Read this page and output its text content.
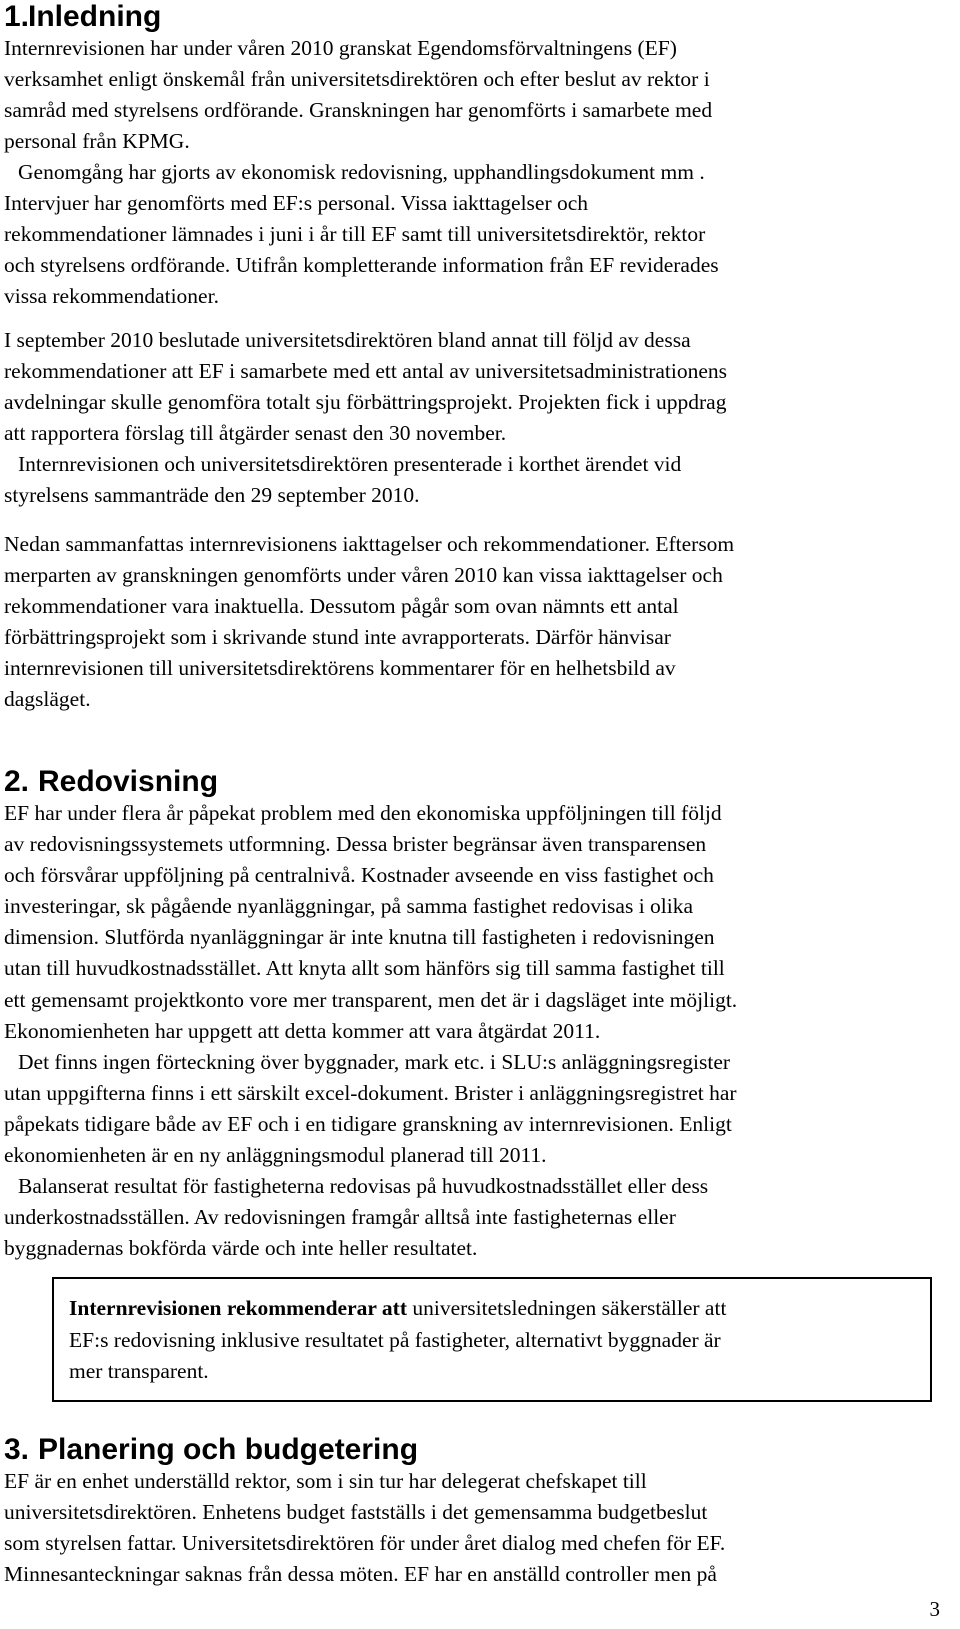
1.Inledning

Internrevisionen har under våren 2010 granskat Egendomsförvaltningens (EF)
verksamhet enligt önskemål från universitetsdirektören och efter beslut av rektor i
samråd med styrelsens ordförande. Granskningen har genomförts i samarbete med
personal från KPMG.

Genomgång har gjorts av ekonomisk redovisning, upphandlingsdokument mm .
Intervjuer har genomförts med EF:s personal. Vissa iakttagelser och
rekommendationer lämnades i juni i år till EF samt till universitetsdirektör, rektor
och styrelsens ordförande. Utifrån kompletterande information från EF reviderades
vissa rekommendationer.

I september 2010 beslutade universitetsdirektören bland annat till följd av dessa
rekommendationer att EF i samarbete med ett antal av universitetsadministrationens
avdelningar skulle genomföra totalt sju förbättringsprojekt. Projekten fick i uppdrag
att rapportera förslag till åtgärder senast den 30 november.

Internrevisionen och universitetsdirektören presenterade i korthet ärendet vid
styrelsens sammanträde den 29 september 2010.

Nedan sammanfattas internrevisionens iakttagelser och rekommendationer. Eftersom
merparten av granskningen genomförts under våren 2010 kan vissa iakttagelser och
rekommendationer vara inaktuella. Dessutom pågår som ovan nämnts ett antal
förbättringsprojekt som i skrivande stund inte avrapporterats. Därför hänvisar
internrevisionen till universitetsdirektörens kommentarer för en helhetsbild av
dagsläget.

2. Redovisning

EF har under flera år påpekat problem med den ekonomiska uppföljningen till följd
av redovisningssystemets utformning. Dessa brister begränsar även transparensen
och försvårar uppföljning på centralnivå. Kostnader avseende en viss fastighet och
investeringar, sk pågående nyanläggningar, på samma fastighet redovisas i olika
dimension. Slutförda nyanläggningar är inte knutna till fastigheten i redovisningen
utan till huvudkostnadsstället. Att knyta allt som hänförs sig till samma fastighet till
ett gemensamt projektkonto vore mer transparent, men det är i dagsläget inte möjligt.
Ekonomienheten har uppgett att detta kommer att vara åtgärdat 2011.

Det finns ingen förteckning över byggnader, mark etc. i SLU:s anläggningsregister
utan uppgifterna finns i ett särskilt excel-dokument. Brister i anläggningsregistret har
påpekats tidigare både av EF och i en tidigare granskning av internrevisionen. Enligt
ekonomienheten är en ny anläggningsmodul planerad till 2011.

Balanserat resultat för fastigheterna redovisas på huvudkostnadsstället eller dess
underkostnadsställen. Av redovisningen framgår alltså inte fastigheternas eller
byggnadernas bokförda värde och inte heller resultatet.

Internrevisionen rekommenderar att universitetsledningen säkerställer att
EF:s redovisning inklusive resultatet på fastigheter, alternativt byggnader är
mer transparent.

3. Planering och budgetering

EF är en enhet underställd rektor, som i sin tur har delegerat chefskapet till
universitetsdirektören. Enhetens budget fastställs i det gemensamma budgetbeslut
som styrelsen fattar. Universitetsdirektören för under året dialog med chefen för EF.
Minnesanteckningar saknas från dessa möten. EF har en anställd controller men på

3
